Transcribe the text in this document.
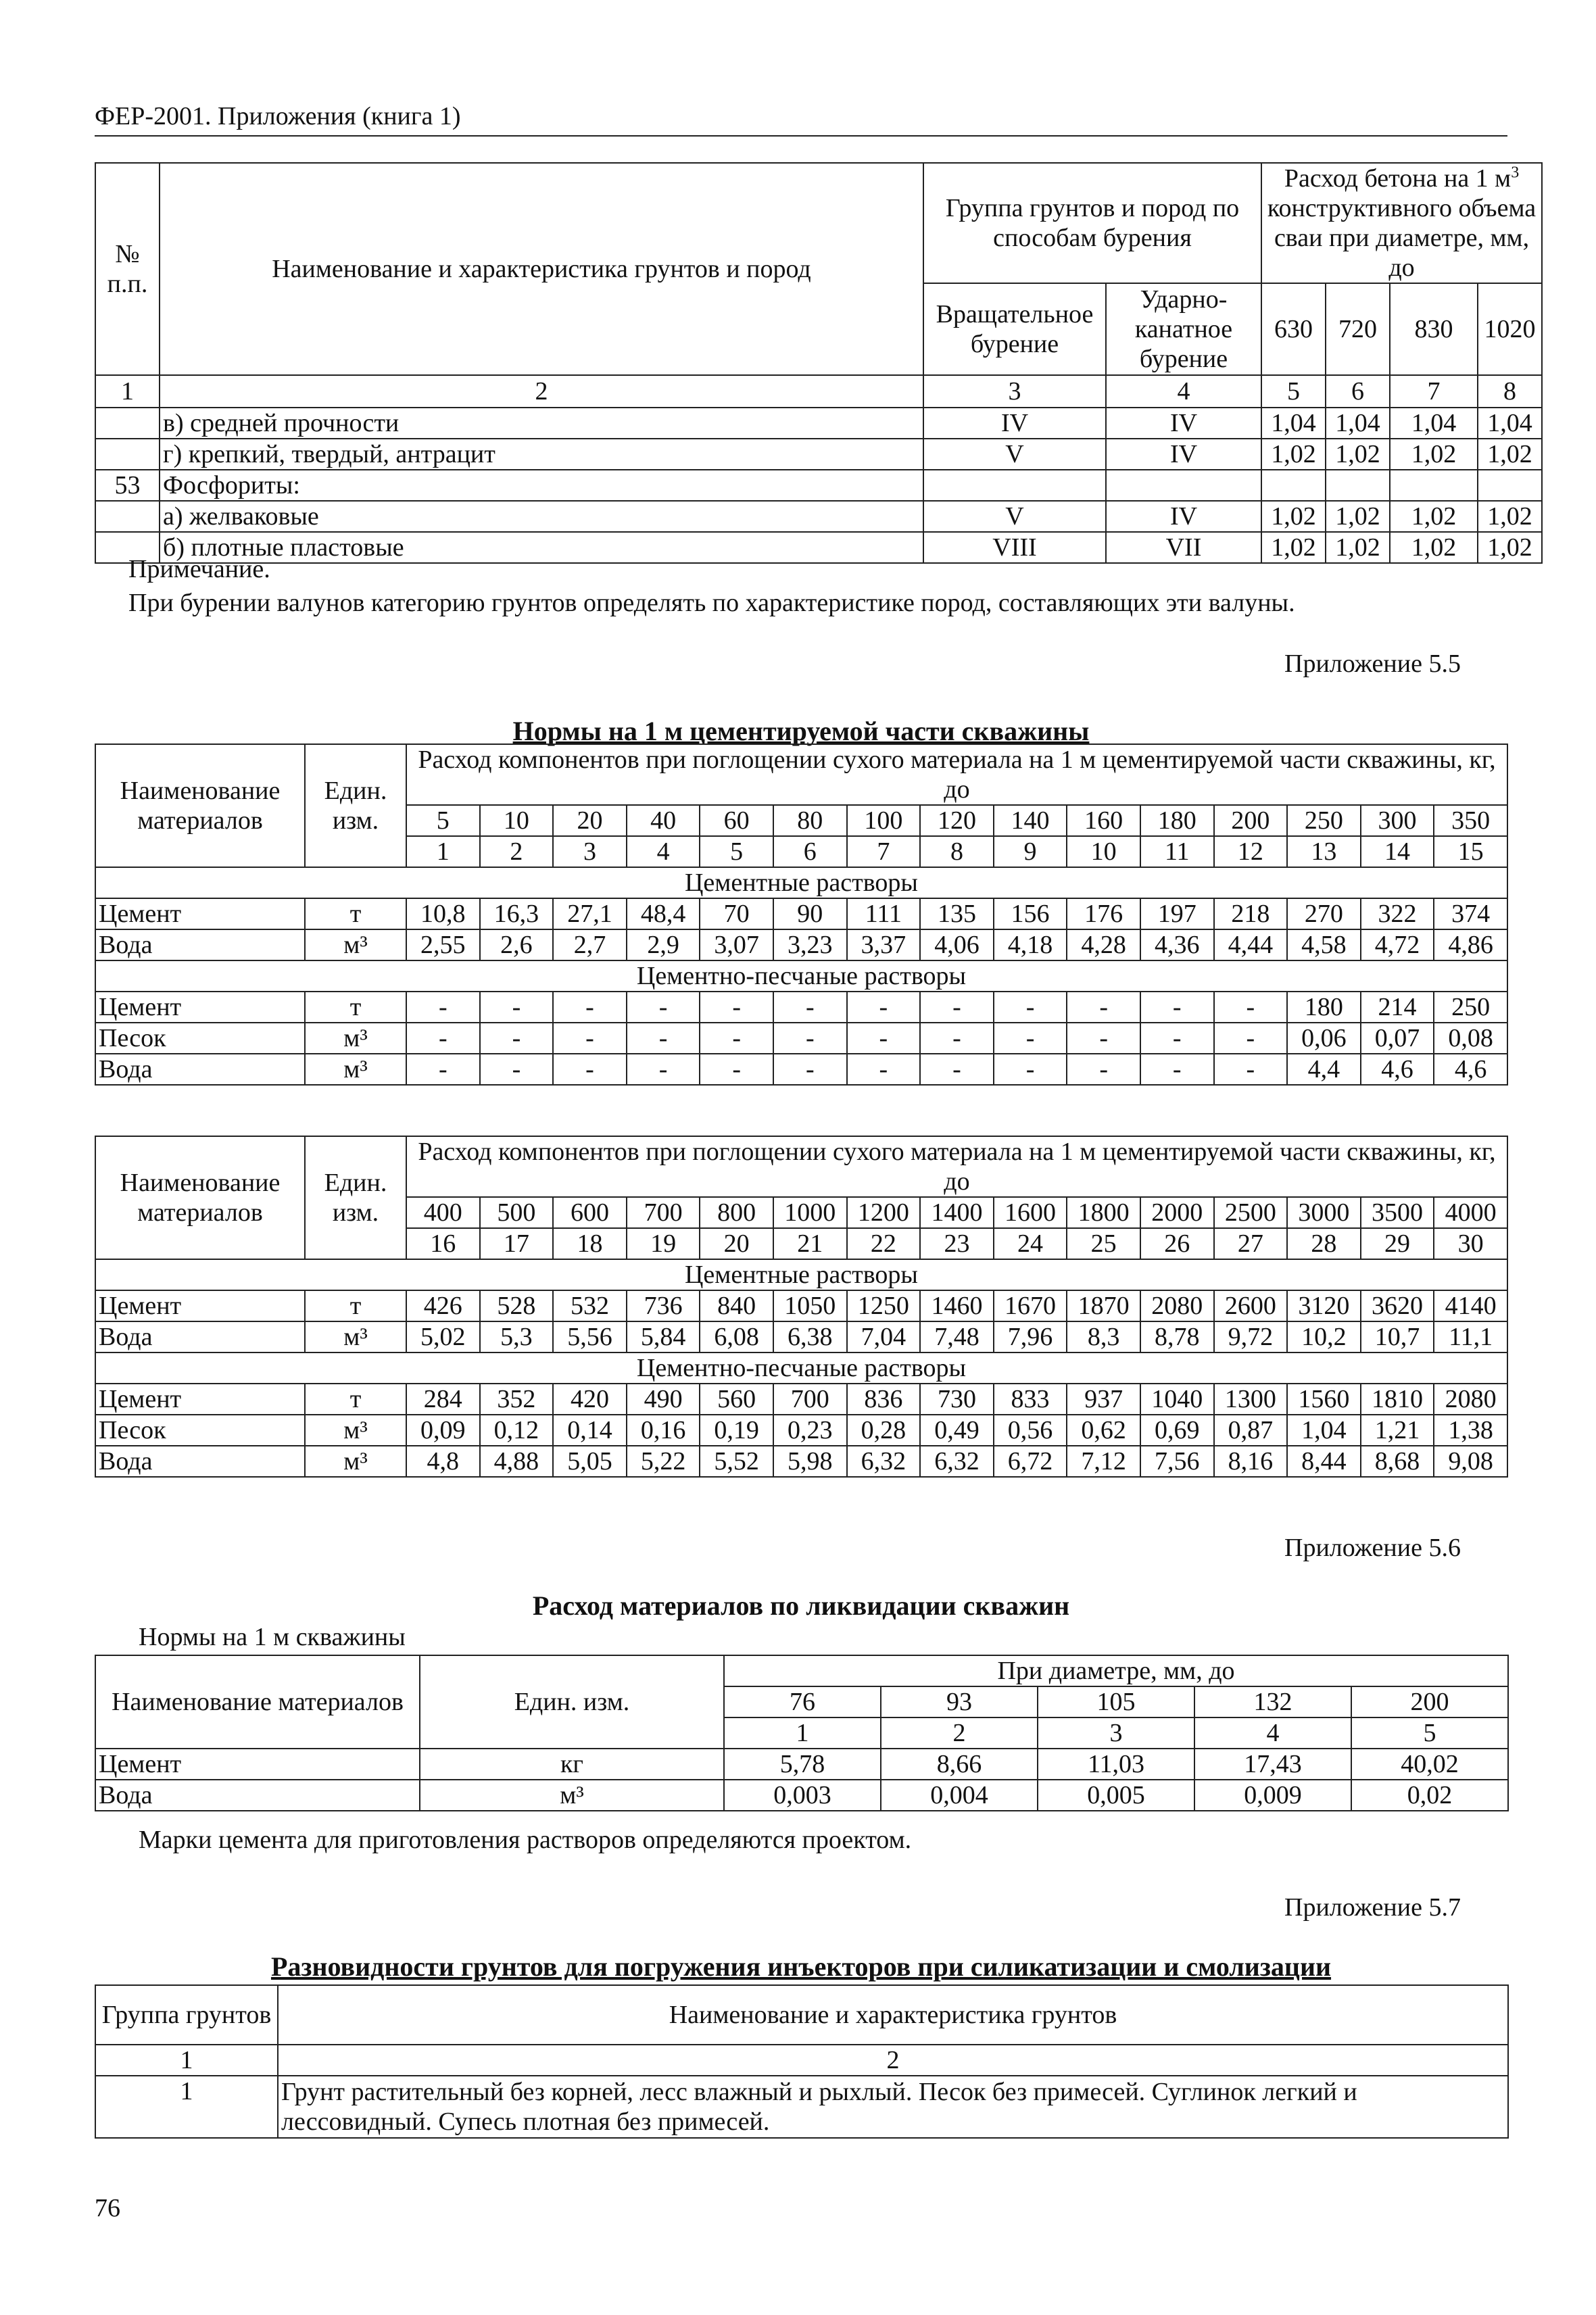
ФЕР-2001. Приложения (книга 1)
№ п.п.	Наименование и характеристика грунтов и пород	Группа грунтов и пород по способам бурения		Расход бетона на 1 $м^3$ конструктивного объема сваи при диаметре, мм, до			
		Вращательное бурение	Ударно-канатное бурение	630	720	830	1020
1	2	3	4	5	6	7	8
	в) средней прочности	IV	IV	1,04	1,04	1,04	1,04
	г) крепкий, твердый, антрацит	V	IV	1,02	1,02	1,02	1,02
53	Фосфориты:						
	а) желваковые	V	IV	1,02	1,02	1,02	1,02
	б) плотные пластовые	VIII	VII	1,02	1,02	1,02	1,02
Примечание.
При бурении валунов категорию грунтов определять по характеристике пород, составляющих эти валуны.
Приложение 5.5
Нормы на 1 м цементируемой части скважины
Наименование материалов	Един. изм.	Расход компонентов при поглощении сухого материала на 1 м цементируемой части скважины, кг, до														
		5	10	20	40	60	80	100	120	140	160	180	200	250	300	350
		1	2	3	4	5	6	7	8	9	10	11	12	13	14	15
Цементные растворы																
Цемент	т	10,8	16,3	27,1	48,4	70	90	111	135	156	176	197	218	270	322	374
Вода	м³	2,55	2,6	2,7	2,9	3,07	3,23	3,37	4,06	4,18	4,28	4,36	4,44	4,58	4,72	4,86
Цементно-песчаные растворы																
Цемент	т	-	-	-	-	-	-	-	-	-	-	-	-	180	214	250
Песок	м³	-	-	-	-	-	-	-	-	-	-	-	-	0,06	0,07	0,08
Вода	м³	-	-	-	-	-	-	-	-	-	-	-	-	4,4	4,6	4,6
Наименование материалов	Един. изм.	Расход компонентов при поглощении сухого материала на 1 м цементируемой части скважины, кг, до														
		400	500	600	700	800	1000	1200	1400	1600	1800	2000	2500	3000	3500	4000
		16	17	18	19	20	21	22	23	24	25	26	27	28	29	30
Цементные растворы																
Цемент	т	426	528	532	736	840	1050	1250	1460	1670	1870	2080	2600	3120	3620	4140
Вода	м³	5,02	5,3	5,56	5,84	6,08	6,38	7,04	7,48	7,96	8,3	8,78	9,72	10,2	10,7	11,1
Цементно-песчаные растворы																
Цемент	т	284	352	420	490	560	700	836	730	833	937	1040	1300	1560	1810	2080
Песок	м³	0,09	0,12	0,14	0,16	0,19	0,23	0,28	0,49	0,56	0,62	0,69	0,87	1,04	1,21	1,38
Вода	м³	4,8	4,88	5,05	5,22	5,52	5,98	6,32	6,32	6,72	7,12	7,56	8,16	8,44	8,68	9,08
Приложение 5.6
Расход материалов по ликвидации скважин
Нормы на 1 м скважины
Наименование материалов	Един. изм.	При диаметре, мм, до				
		76	93	105	132	200
		1	2	3	4	5
Цемент	кг	5,78	8,66	11,03	17,43	40,02
Вода	м³	0,003	0,004	0,005	0,009	0,02
Марки цемента для приготовления растворов определяются проектом.
Приложение 5.7
Разновидности грунтов для погружения инъекторов при силикатизации и смолизации
Группа грунтов	Наименование и характеристика грунтов
1	2
1	Грунт растительный без корней, лесс влажный и рыхлый. Песок без примесей. Суглинок легкий и лессовидный. Супесь плотная без примесей.
76
